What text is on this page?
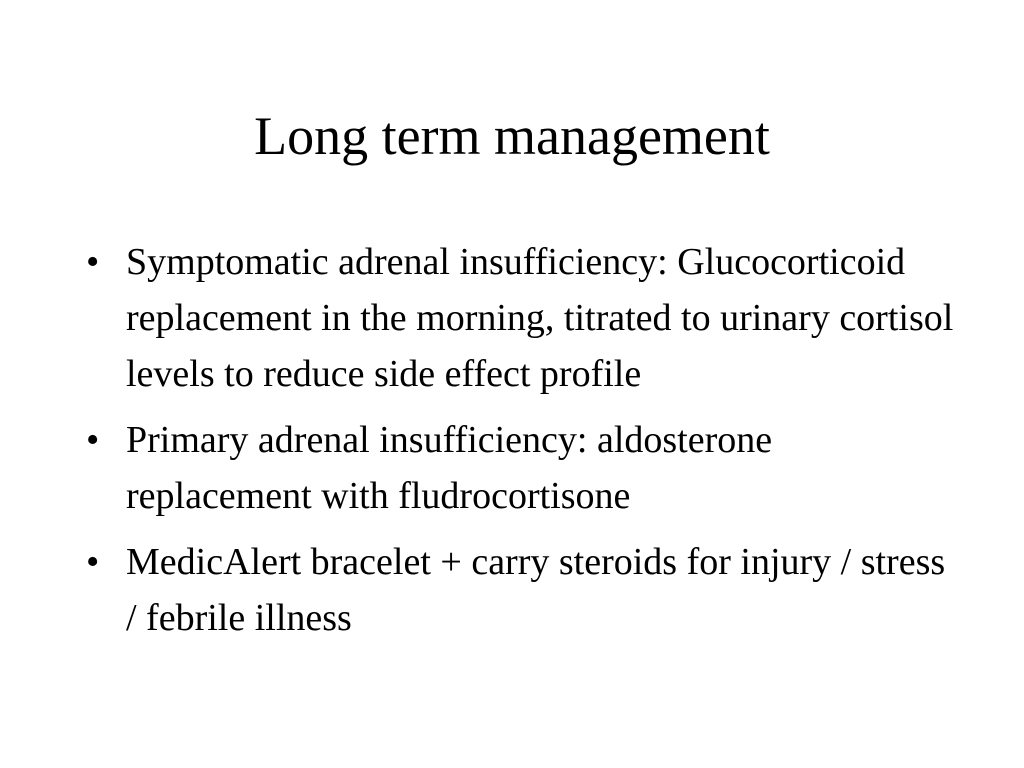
Long term management
• Symptomatic adrenal insufficiency: Glucocorticoid replacement in the morning, titrated to urinary cortisol levels to reduce side effect profile
• Primary adrenal insufficiency: aldosterone replacement with fludrocortisone
• MedicAlert bracelet + carry steroids for injury / stress / febrile illness
